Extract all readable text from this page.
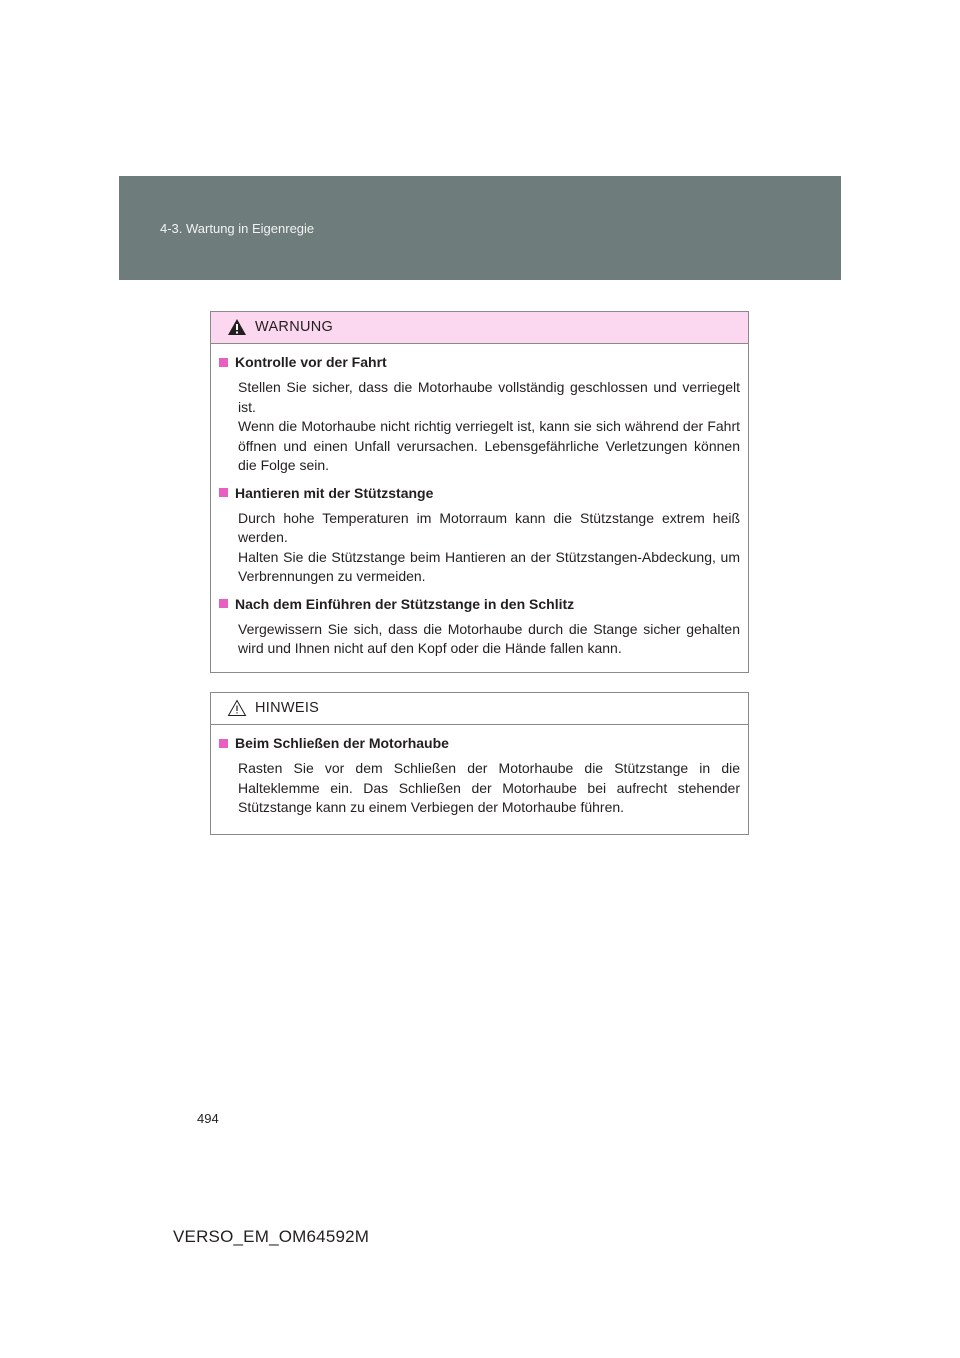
4-3. Wartung in Eigenregie
WARNUNG
Kontrolle vor der Fahrt

Stellen Sie sicher, dass die Motorhaube vollständig geschlossen und verriegelt ist.
Wenn die Motorhaube nicht richtig verriegelt ist, kann sie sich während der Fahrt öffnen und einen Unfall verursachen. Lebensgefährliche Verletzungen können die Folge sein.

Hantieren mit der Stützstange

Durch hohe Temperaturen im Motorraum kann die Stützstange extrem heiß werden.
Halten Sie die Stützstange beim Hantieren an der Stützstangen-Abdeckung, um Verbrennungen zu vermeiden.

Nach dem Einführen der Stützstange in den Schlitz

Vergewissern Sie sich, dass die Motorhaube durch die Stange sicher gehalten wird und Ihnen nicht auf den Kopf oder die Hände fallen kann.

HINWEIS
Beim Schließen der Motorhaube

Rasten Sie vor dem Schließen der Motorhaube die Stützstange in die Halteklemme ein. Das Schließen der Motorhaube bei aufrecht stehender Stützstange kann zu einem Verbiegen der Motorhaube führen.

494
VERSO_EM_OM64592M
